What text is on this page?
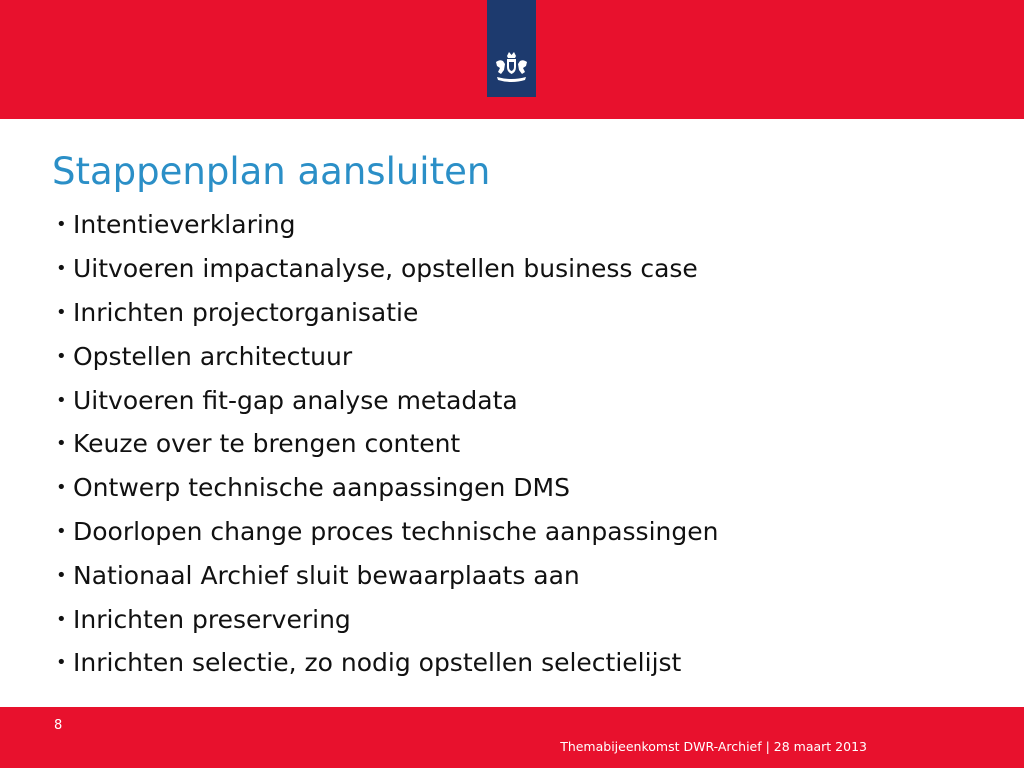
Stappenplan aansluiten
• Intentieverklaring
• Uitvoeren impactanalyse, opstellen business case
• Inrichten projectorganisatie
• Opstellen architectuur
• Uitvoeren fit-gap analyse metadata
• Keuze over te brengen content
• Ontwerp technische aanpassingen DMS
• Doorlopen change proces technische aanpassingen
• Nationaal Archief sluit bewaarplaats aan
• Inrichten preservering
• Inrichten selectie, zo nodig opstellen selectielijst
8
Themabijeenkomst DWR-Archief | 28 maart 2013
